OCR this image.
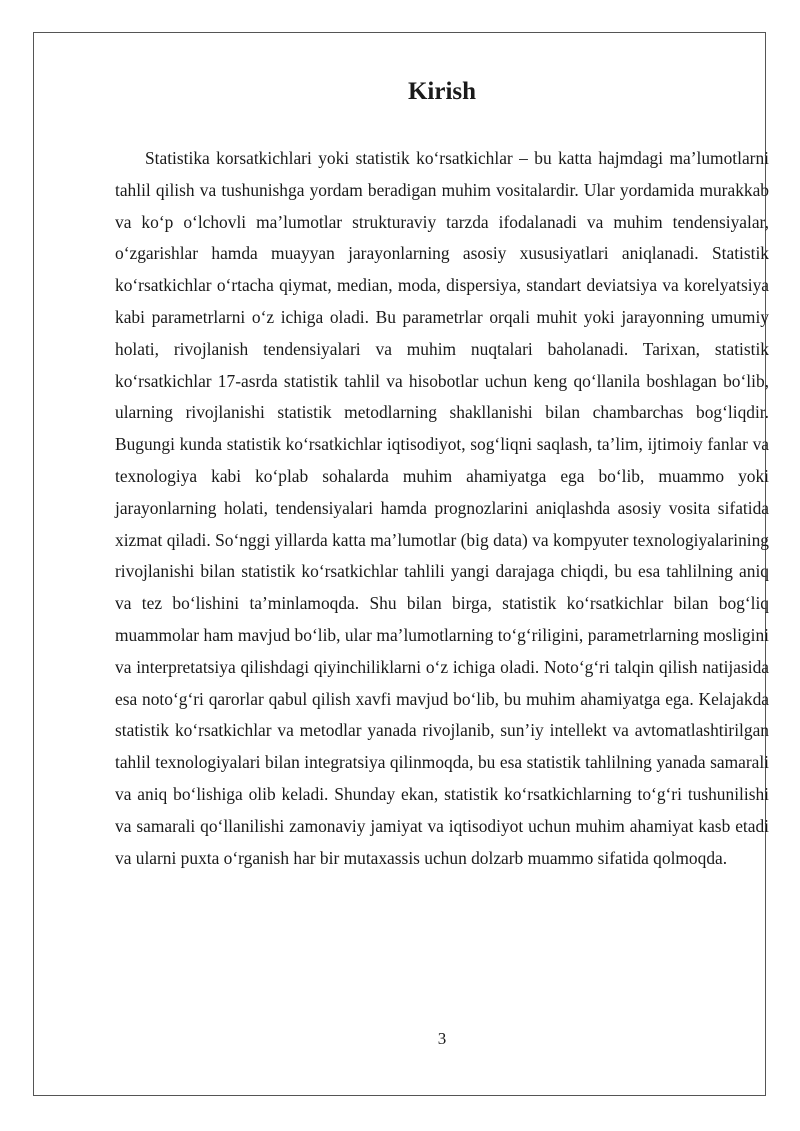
Kirish

Statistika korsatkichlari yoki statistik ko‘rsatkichlar – bu katta hajmdagi ma’lumotlarni tahlil qilish va tushunishga yordam beradigan muhim vositalardir. Ular yordamida murakkab va ko‘p o‘lchovli ma’lumotlar strukturaviy tarzda ifodalanadi va muhim tendensiyalar, o‘zgarishlar hamda muayyan jarayonlarning asosiy xususiyatlari aniqlanadi. Statistik ko‘rsatkichlar o‘rtacha qiymat, median, moda, dispersiya, standart deviatsiya va korelyatsiya kabi parametrlarni o‘z ichiga oladi. Bu parametrlar orqali muhit yoki jarayonning umumiy holati, rivojlanish tendensiyalari va muhim nuqtalari baholanadi. Tarixan, statistik ko‘rsatkichlar 17-asrda statistik tahlil va hisobotlar uchun keng qo‘llanila boshlagan bo‘lib, ularning rivojlanishi statistik metodlarning shakllanishi bilan chambarchas bog‘liqdir. Bugungi kunda statistik ko‘rsatkichlar iqtisodiyot, sog‘liqni saqlash, ta’lim, ijtimoiy fanlar va texnologiya kabi ko‘plab sohalarda muhim ahamiyatga ega bo‘lib, muammo yoki jarayonlarning holati, tendensiyalari hamda prognozlarini aniqlashda asosiy vosita sifatida xizmat qiladi. So‘nggi yillarda katta ma’lumotlar (big data) va kompyuter texnologiyalarining rivojlanishi bilan statistik ko‘rsatkichlar tahlili yangi darajaga chiqdi, bu esa tahlilning aniq va tez bo‘lishini ta’minlamoqda. Shu bilan birga, statistik ko‘rsatkichlar bilan bog‘liq muammolar ham mavjud bo‘lib, ular ma’lumotlarning to‘g‘riligini, parametrlarning mosligini va interpretatsiya qilishdagi qiyinchiliklarni o‘z ichiga oladi. Noto‘g‘ri talqin qilish natijasida esa noto‘g‘ri qarorlar qabul qilish xavfi mavjud bo‘lib, bu muhim ahamiyatga ega. Kelajakda statistik ko‘rsatkichlar va metodlar yanada rivojlanib, sun’iy intellekt va avtomatlashtirilgan tahlil texnologiyalari bilan integratsiya qilinmoqda, bu esa statistik tahlilning yanada samarali va aniq bo‘lishiga olib keladi. Shunday ekan, statistik ko‘rsatkichlarning to‘g‘ri tushunilishi va samarali qo‘llanilishi zamonaviy jamiyat va iqtisodiyot uchun muhim ahamiyat kasb etadi va ularni puxta o‘rganish har bir mutaxassis uchun dolzarb muammo sifatida qolmoqda.

3
